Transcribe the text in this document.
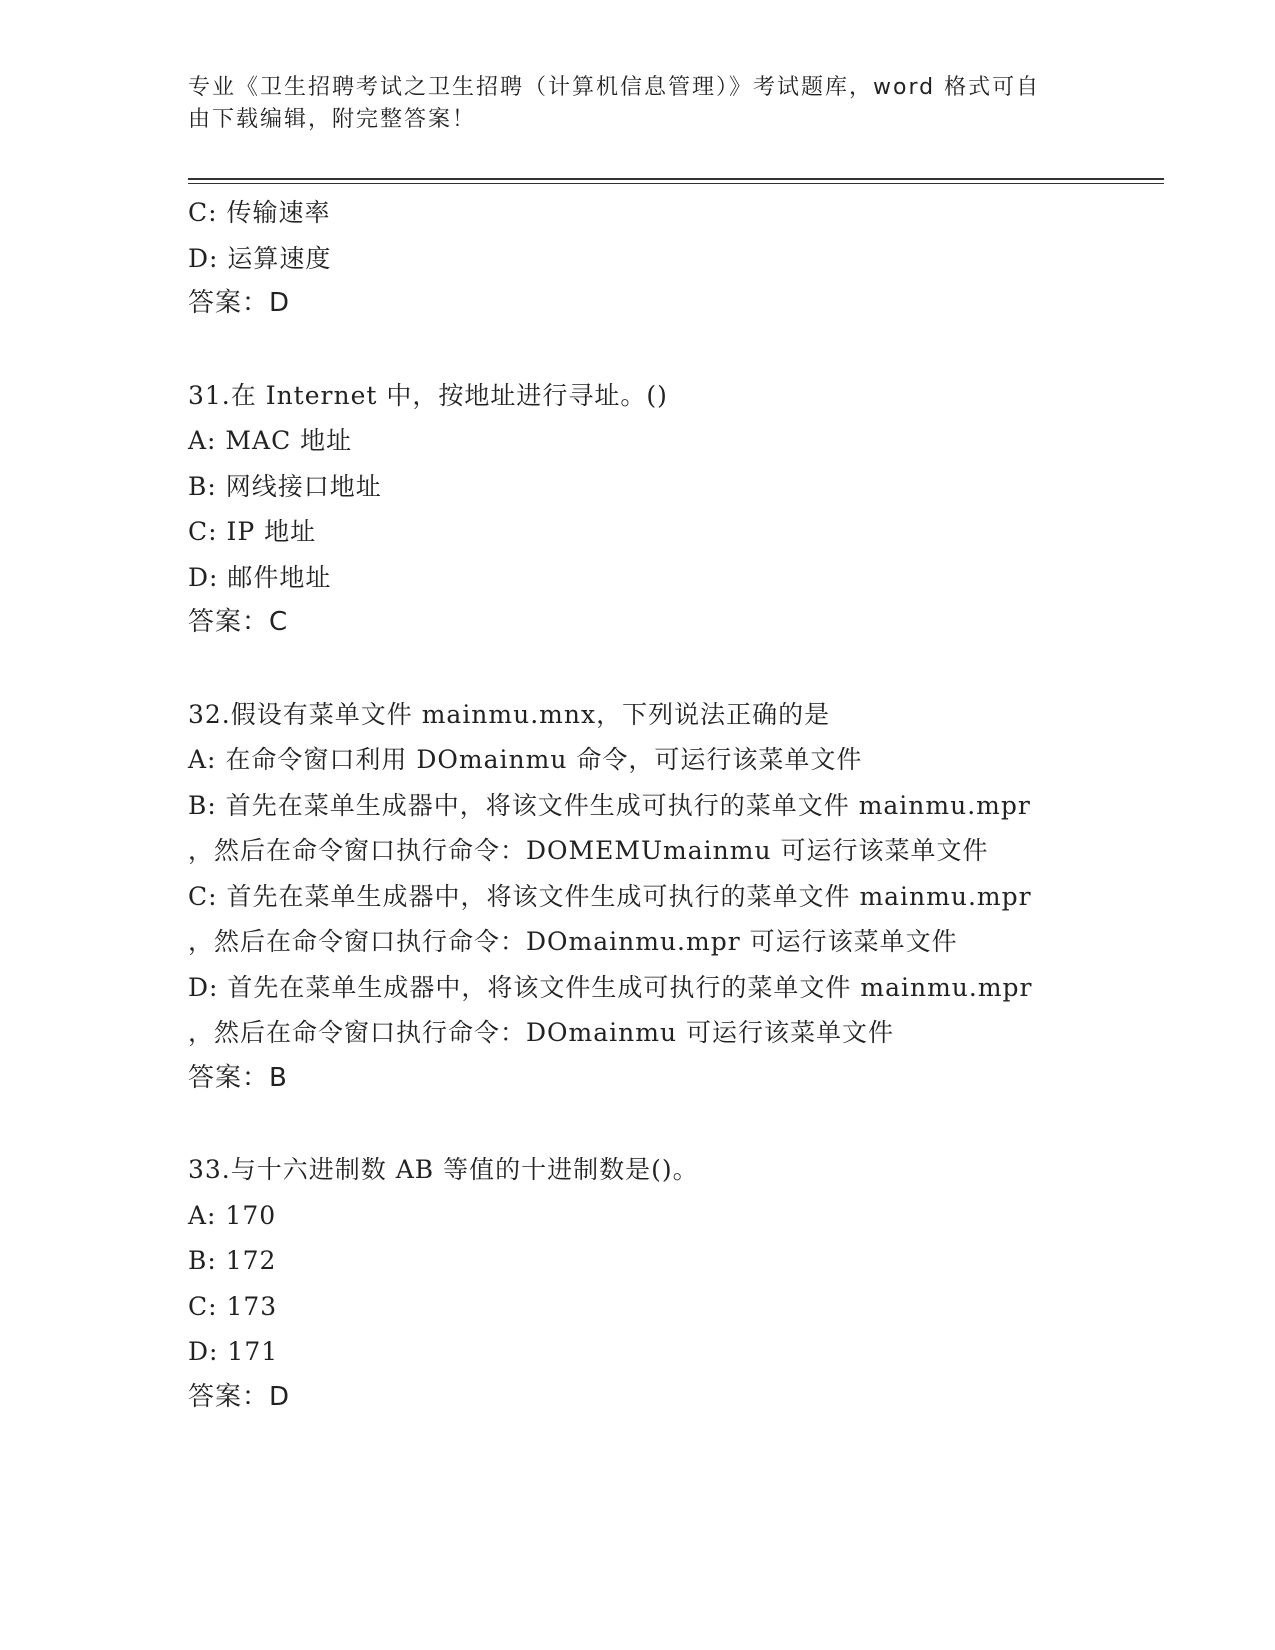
专业《卫生招聘考试之卫生招聘（计算机信息管理）》考试题库，word 格式可自
由下载编辑，附完整答案！
C: 传输速率
D: 运算速度
答案：D
31.在 Internet 中，按地址进行寻址。()
A: MAC 地址
B: 网线接口地址
C: IP 地址
D: 邮件地址
答案：C
32.假设有菜单文件 mainmu.mnx，下列说法正确的是
A: 在命令窗口利用 DOmainmu 命令，可运行该菜单文件
B: 首先在菜单生成器中，将该文件生成可执行的菜单文件 mainmu.mpr
，然后在命令窗口执行命令：DOMEMUmainmu 可运行该菜单文件
C: 首先在菜单生成器中，将该文件生成可执行的菜单文件 mainmu.mpr
，然后在命令窗口执行命令：DOmainmu.mpr 可运行该菜单文件
D: 首先在菜单生成器中，将该文件生成可执行的菜单文件 mainmu.mpr
，然后在命令窗口执行命令：DOmainmu 可运行该菜单文件
答案：B
33.与十六进制数 AB 等值的十进制数是()。
A: 170
B: 172
C: 173
D: 171
答案：D
